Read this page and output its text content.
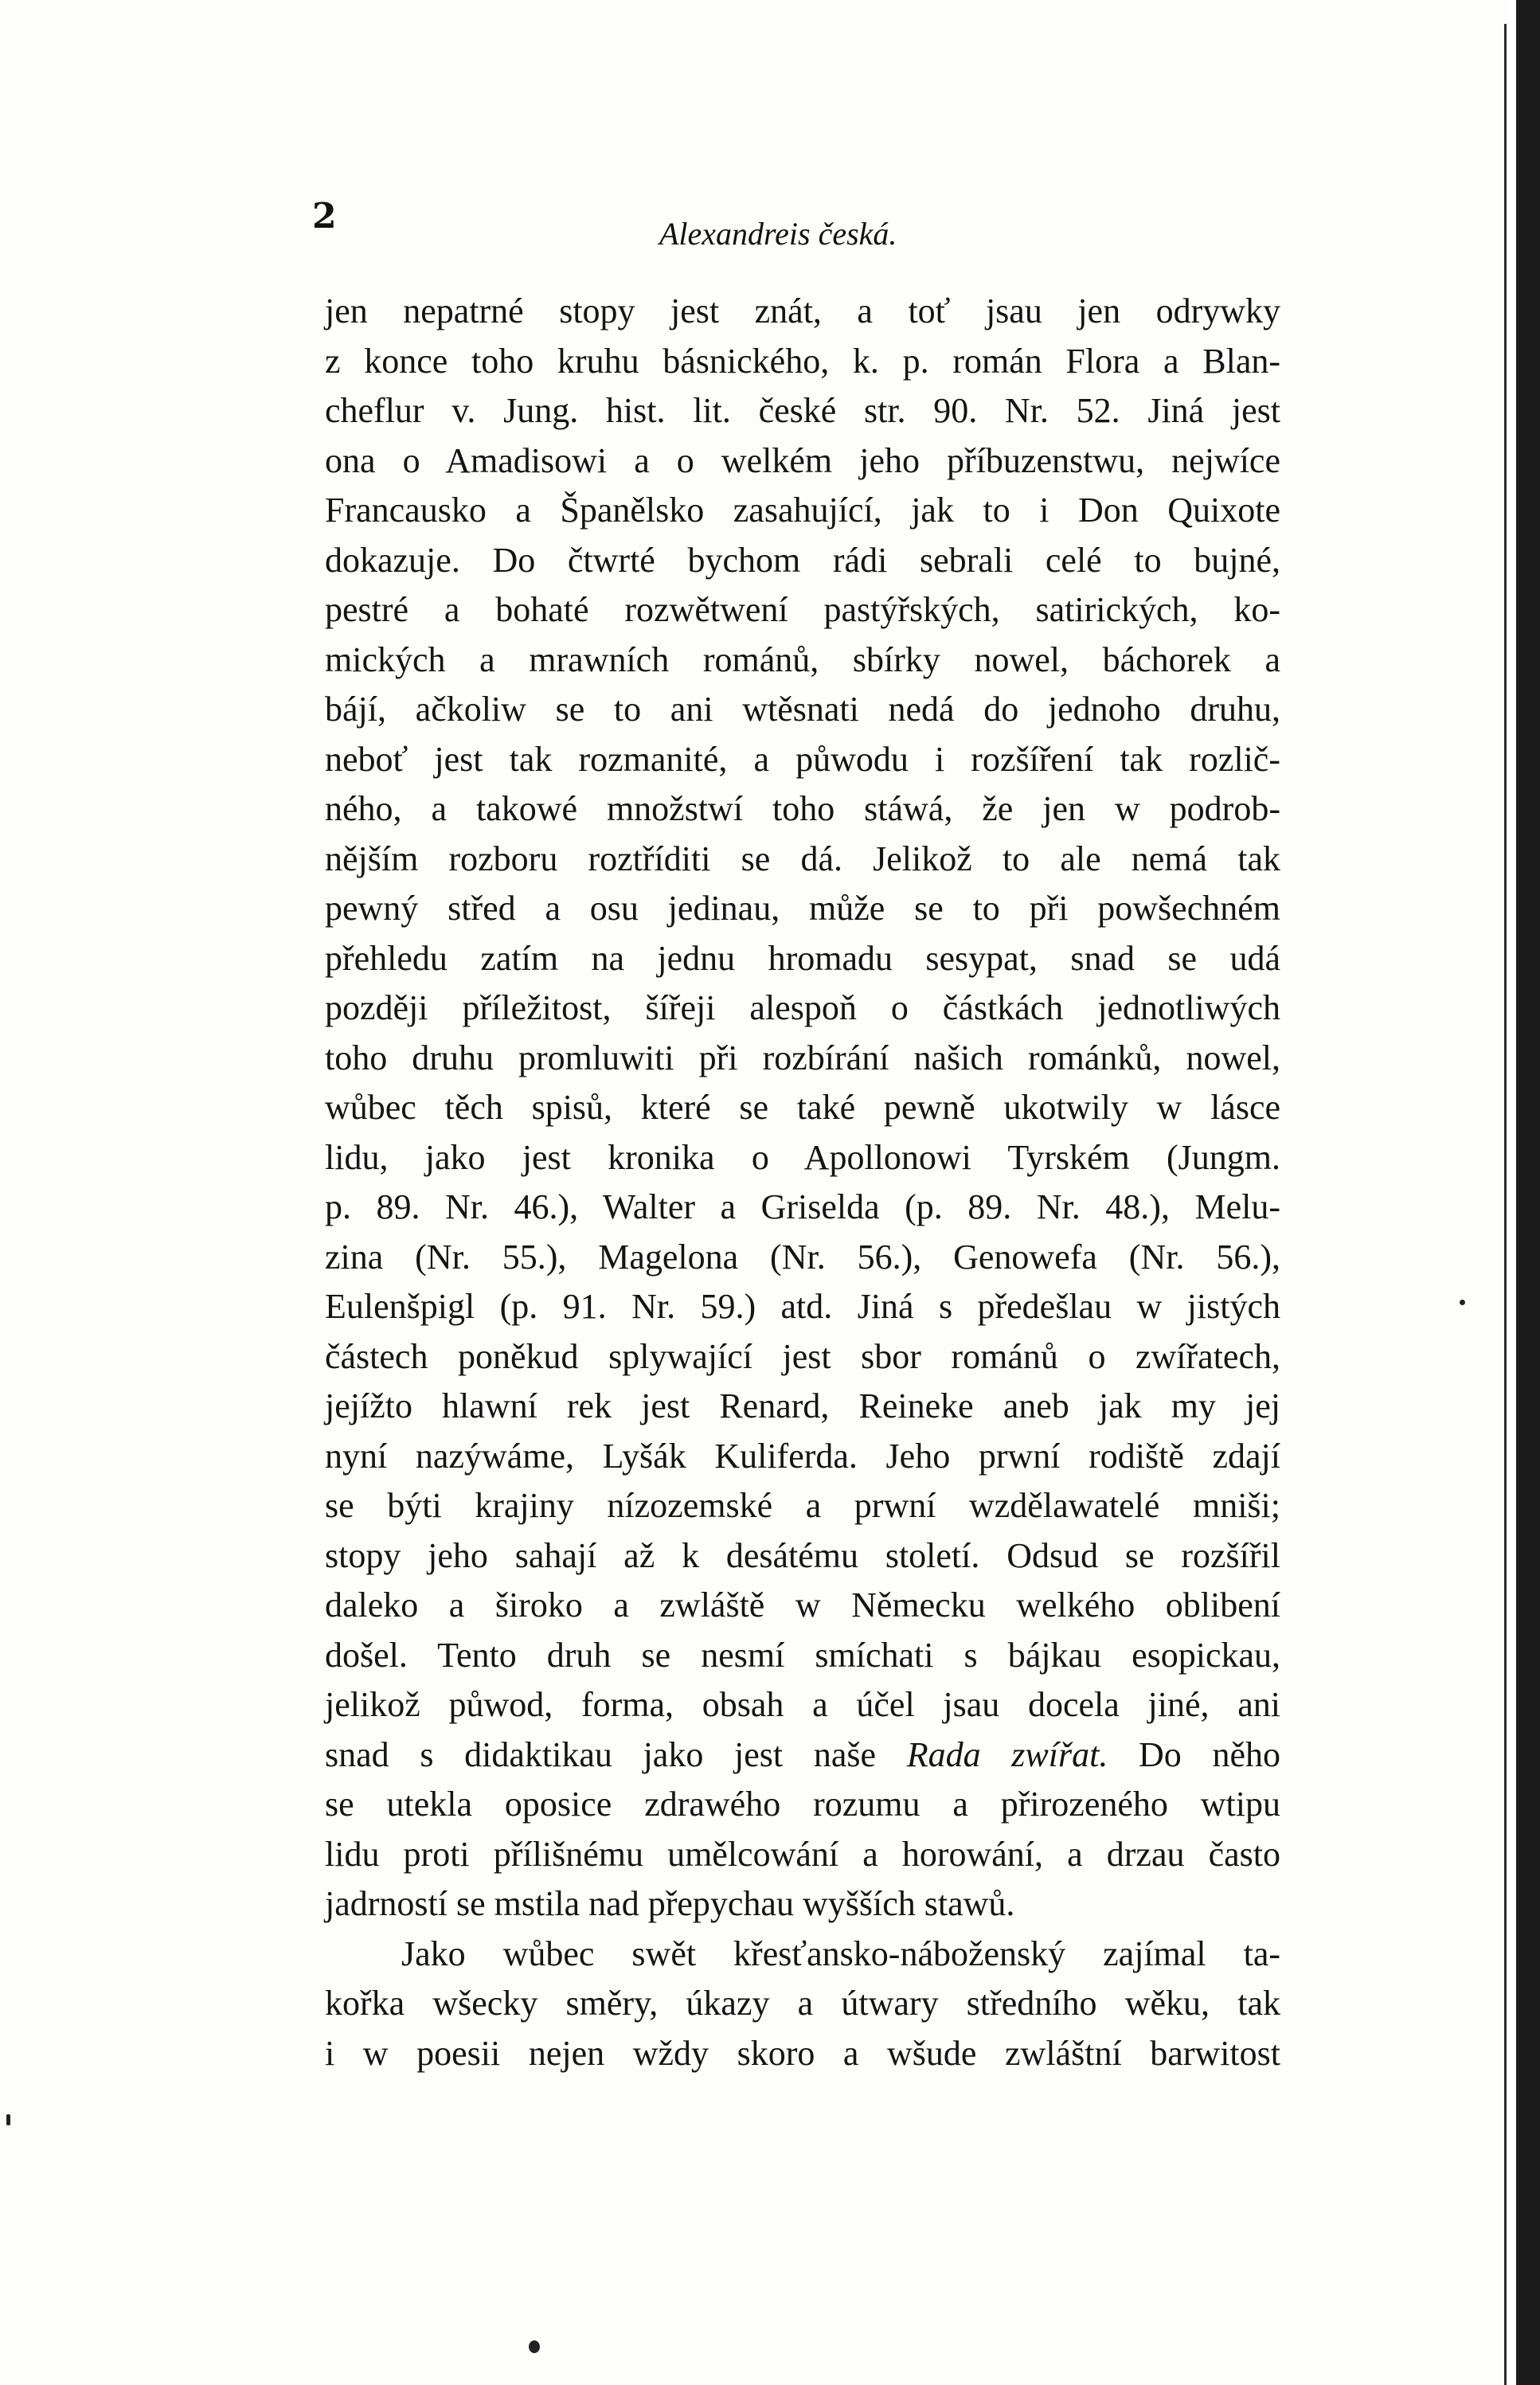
2	Alexandreis česká.
jen nepatrné stopy jest znát, a toť jsau jen odrywky
z konce toho kruhu básnického, k. p. román Flora a Blan-
cheflur v. Jung. hist. lit. české str. 90. Nr. 52. Jiná jest
ona o Amadisowi a o welkém jeho příbuzenstwu, nejwíce
Francausko a Španělsko zasahující, jak to i Don Quixote
dokazuje. Do čtwrté bychom rádi sebrali celé to bujné,
pestré a bohaté rozwětwení pastýřských, satirických, ko-
mických a mrawních románů, sbírky nowel, báchorek a
bájí, ačkoliw se to ani wtěsnati nedá do jednoho druhu,
neboť jest tak rozmanité, a půwodu i rozšíření tak rozlič-
ného, a takowé množstwí toho stáwá, že jen w podrob-
nějším rozboru roztříditi se dá. Jelikož to ale nemá tak
pewný střed a osu jedinau, může se to při powšechném
přehledu zatím na jednu hromadu sesypat, snad se udá
později příležitost, šířeji alespoň o částkách jednotliwých
toho druhu promluwiti při rozbírání našich románků, nowel,
wůbec těch spisů, které se také pewně ukotwily w lásce
lidu, jako jest kronika o Apollonowi Tyrském (Jungm.
p. 89. Nr. 46.), Walter a Griselda (p. 89. Nr. 48.), Melu-
zina (Nr. 55.), Magelona (Nr. 56.), Genowefa (Nr. 56.),
Eulenšpigl (p. 91. Nr. 59.) atd. Jiná s předešlau w jistých
částech poněkud splywající jest sbor románů o zwířatech,
jejížto hlawní rek jest Renard, Reineke aneb jak my jej
nyní nazýwáme, Lyšák Kuliferda. Jeho prwní rodiště zdají
se býti krajiny nízozemské a prwní wzdělawatelé mniši;
stopy jeho sahají až k desátému století. Odsud se rozšířil
daleko a široko a zwláště w Německu welkého oblibení
došel. Tento druh se nesmí smíchati s bájkau esopickau,
jelikož půwod, forma, obsah a účel jsau docela jiné, ani
snad s didaktikau jako jest naše Rada zwířat. Do něho
se utekla oposice zdrawého rozumu a přirozeného wtipu
lidu proti přílišnému umělcowání a horowání, a drzau často
jadrností se mstila nad přepychau wyšších stawů.
Jako wůbec swět křesťansko-náboženský zajímal ta-
kořka wšecky směry, úkazy a útwary středního wěku, tak
i w poesii nejen wždy skoro a wšude zwláštní barwitost
